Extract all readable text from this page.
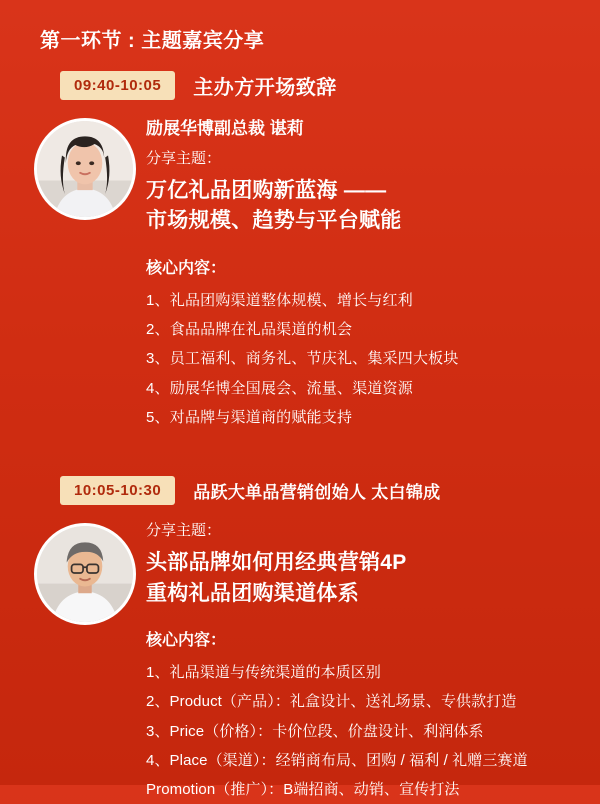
第一环节 : 主题嘉宾分享
09:40-10:05	主办方开场致辞
励展华博副总裁 谌莉
分享主题：
万亿礼品团购新蓝海 ——
市场规模、趋势与平台赋能
核心内容：
1、礼品团购渠道整体规模、增长与红利
2、食品品牌在礼品渠道的机会
3、员工福利、商务礼、节庆礼、集采四大板块
4、励展华博全国展会、流量、渠道资源
5、对品牌与渠道商的赋能支持
10:05-10:30	品跃大单品营销创始人 太白锦成
分享主题：
头部品牌如何用经典营销4P
重构礼品团购渠道体系
核心内容：
1、礼品渠道与传统渠道的本质区别
2、Product（产品）：礼盒设计、送礼场景、专供款打造
3、Price（价格）：卡价位段、价盘设计、利润体系
4、Place（渠道）：经销商布局、团购 / 福利 / 礼赠三赛道
Promotion（推广）：B端招商、动销、宣传打法
